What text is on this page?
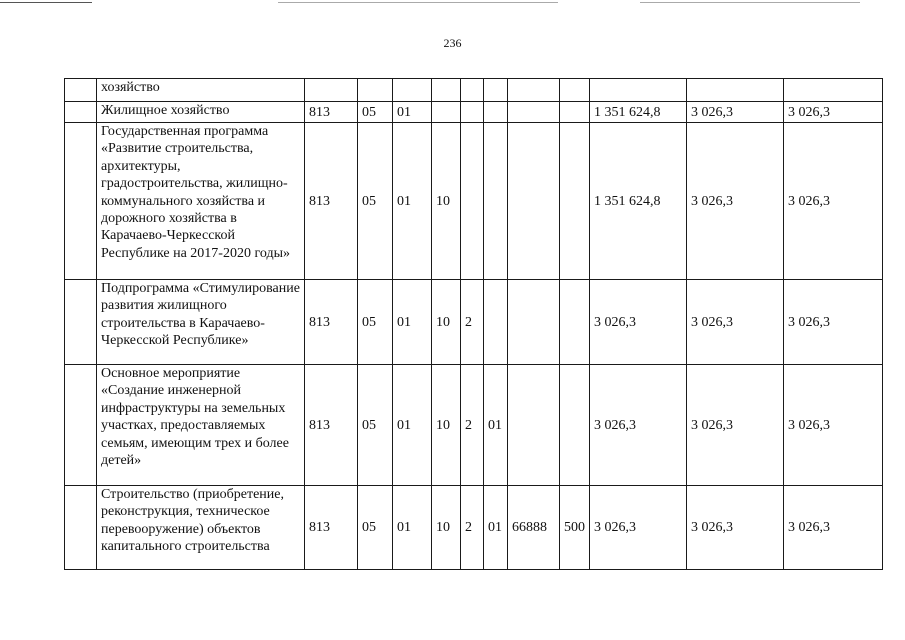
236
	хозяйство											
	Жилищное хозяйство	813	05	01						1 351 624,8	3 026,3	3 026,3
	Государственная программа «Развитие строительства, архитектуры, градостроительства, жилищно-коммунального хозяйства и дорожного хозяйства в Карачаево-Черкесской Республике на 2017-2020 годы»	813	05	01	10					1 351 624,8	3 026,3	3 026,3
	Подпрограмма «Стимулирование развития жилищного строительства в Карачаево-Черкесской Республике»	813	05	01	10	2				3 026,3	3 026,3	3 026,3
	Основное мероприятие «Создание инженерной инфраструктуры на земельных участках, предоставляемых семьям, имеющим трех и более детей»	813	05	01	10	2	01			3 026,3	3 026,3	3 026,3
	Строительство (приобретение, реконструкция, техническое перевооружение) объектов капитального строительства	813	05	01	10	2	01	66888	500	3 026,3	3 026,3	3 026,3
